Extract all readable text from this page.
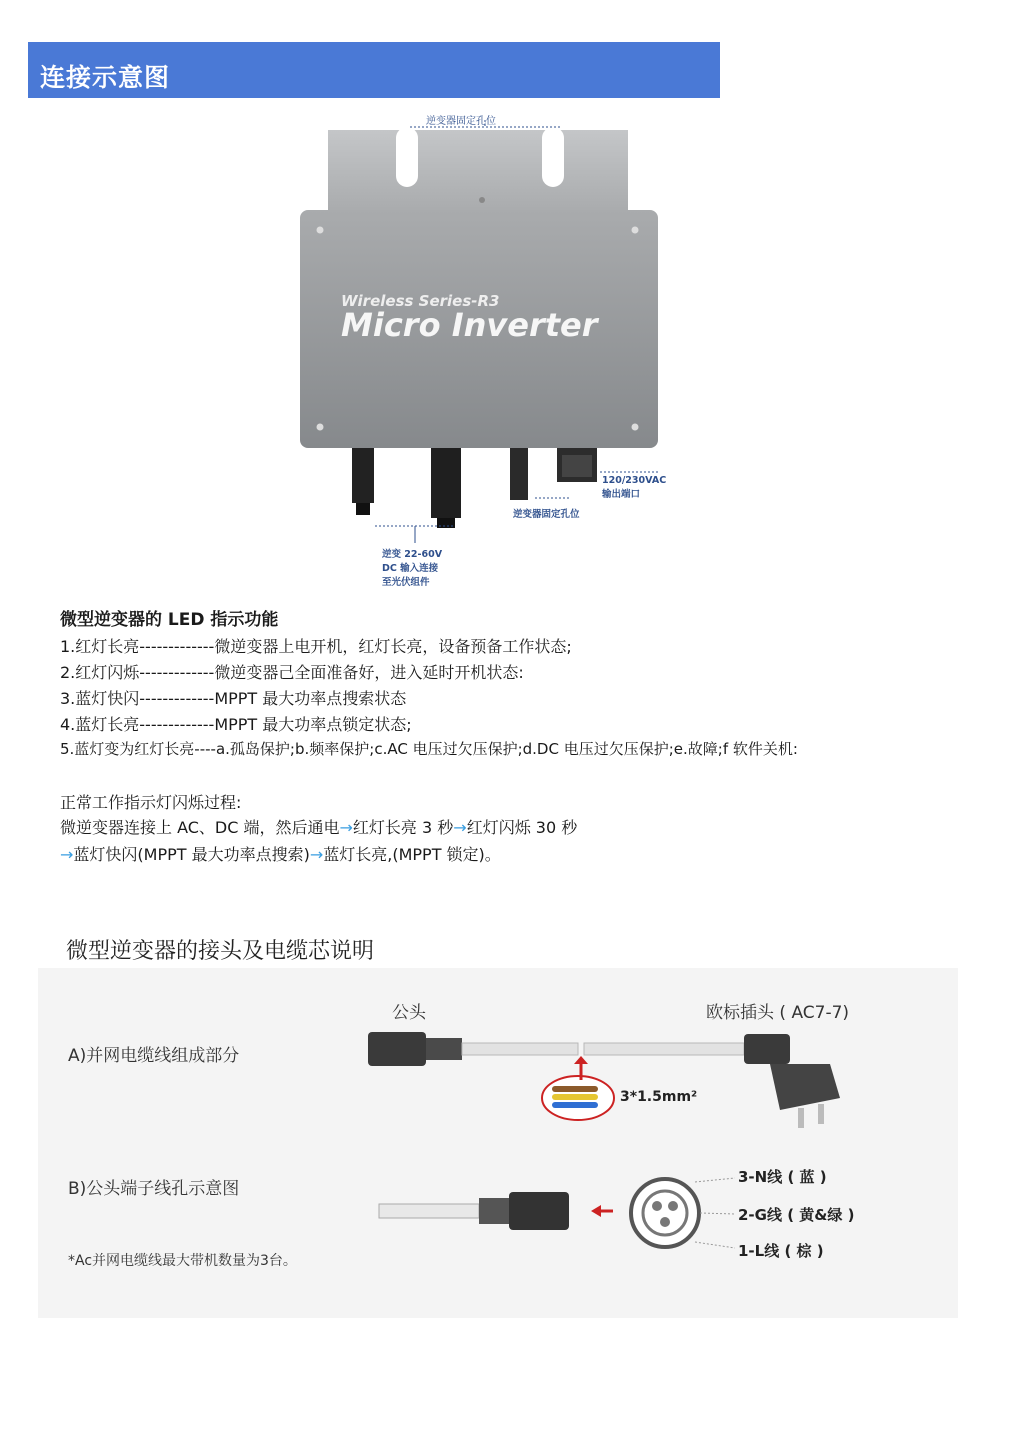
连接示意图
逆变器固定孔位
Wireless Series-R3
Micro Inverter
120/230VAC
输出端口
逆变器固定孔位
逆变 22-60V
DC 输入连接
至光伏组件
微型逆变器的 LED 指示功能
1.红灯长亮-------------微逆变器上电开机，红灯长亮，设备预备工作状态;
2.红灯闪烁-------------微逆变器己全面准备好，进入延时开机状态:
3.蓝灯快闪-------------MPPT 最大功率点搜索状态
4.蓝灯长亮-------------MPPT 最大功率点锁定状态;
5.蓝灯变为红灯长亮----a.孤岛保护;b.频率保护;c.AC 电压过欠压保护;d.DC 电压过欠压保护;e.故障;f 软件关机:
正常工作指示灯闪烁过程:
微逆变器连接上 AC、DC 端，然后通电→红灯长亮 3 秒→红灯闪烁 30 秒
→蓝灯快闪(MPPT 最大功率点搜索)→蓝灯长亮,(MPPT 锁定)。
微型逆变器的接头及电缆芯说明
公头	欧标插头 ( AC7-7)
A)并网电缆线组成部分
3*1.5mm²
B)公头端子线孔示意图
3-N线 ( 蓝 )
2-G线 ( 黄&绿 )
1-L线 ( 棕 )
*Ac并网电缆线最大带机数量为3台。
